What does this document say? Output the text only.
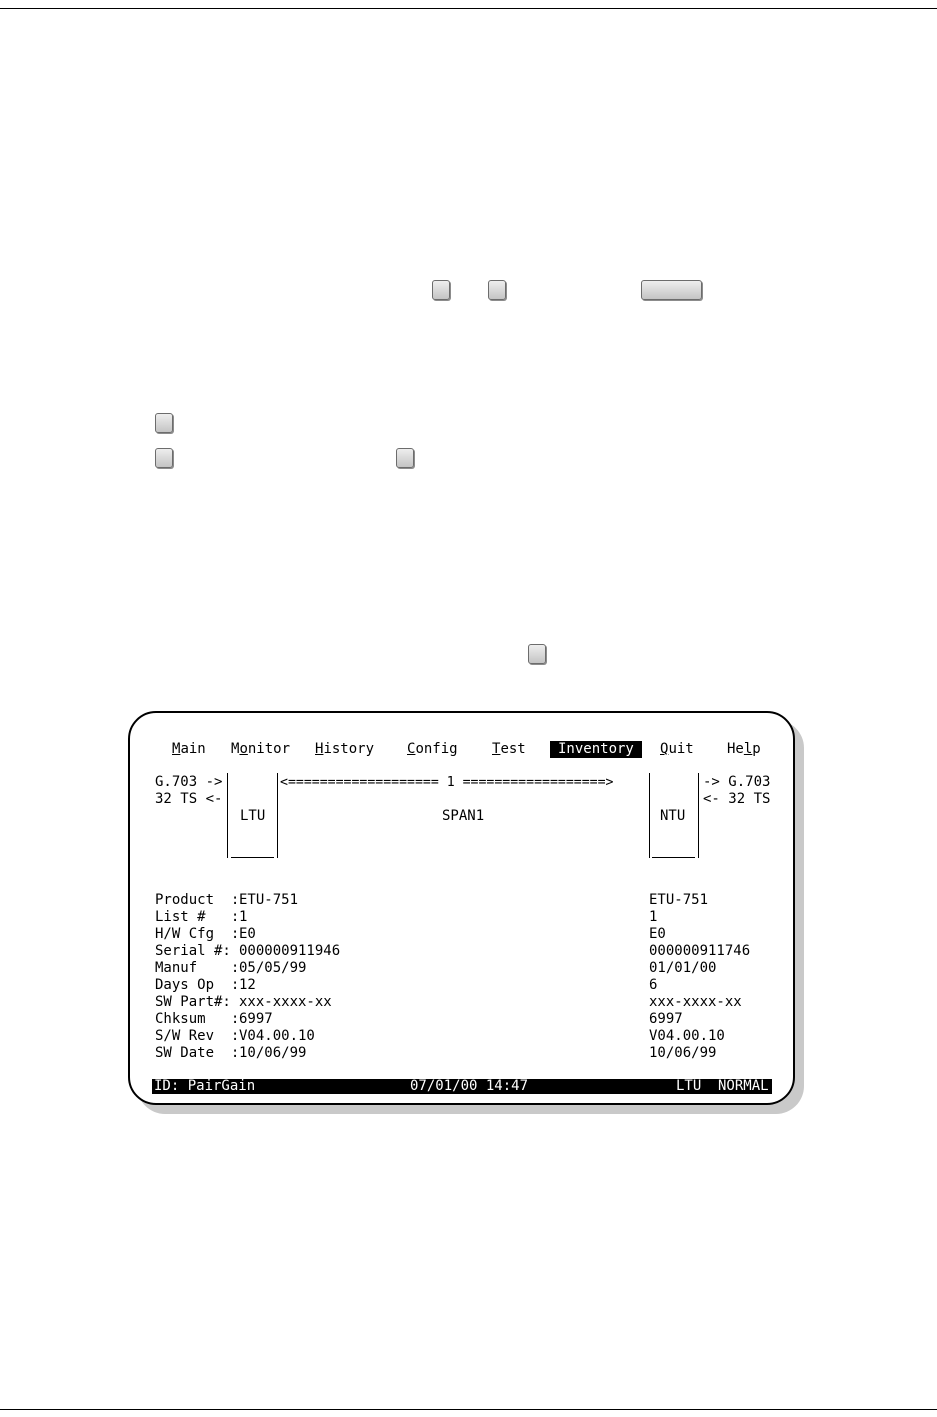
Main Monitor History Config Test	Inventory	Quit Help
G.703 ->
32 TS <-
LTU
<=================== 1 ==================>
SPAN1	NTU
-> G.703
<- 32 TS
Product  : ETU-751	ETU-751
List #   : 1	1
H/W Cfg  : E0	E0
Serial #: 000000911946	000000911746
Manuf    : 05/05/99	01/01/00
Days Op  : 12	6
SW Part#: xxx-xxxx-xx	xxx-xxxx-xx
Chksum   : 6997	6997
S/W Rev  : V04.00.10	V04.00.10
SW Date  : 10/06/99	10/06/99
ID: PairGain	07/01/00 14:47	LTU NORMAL
